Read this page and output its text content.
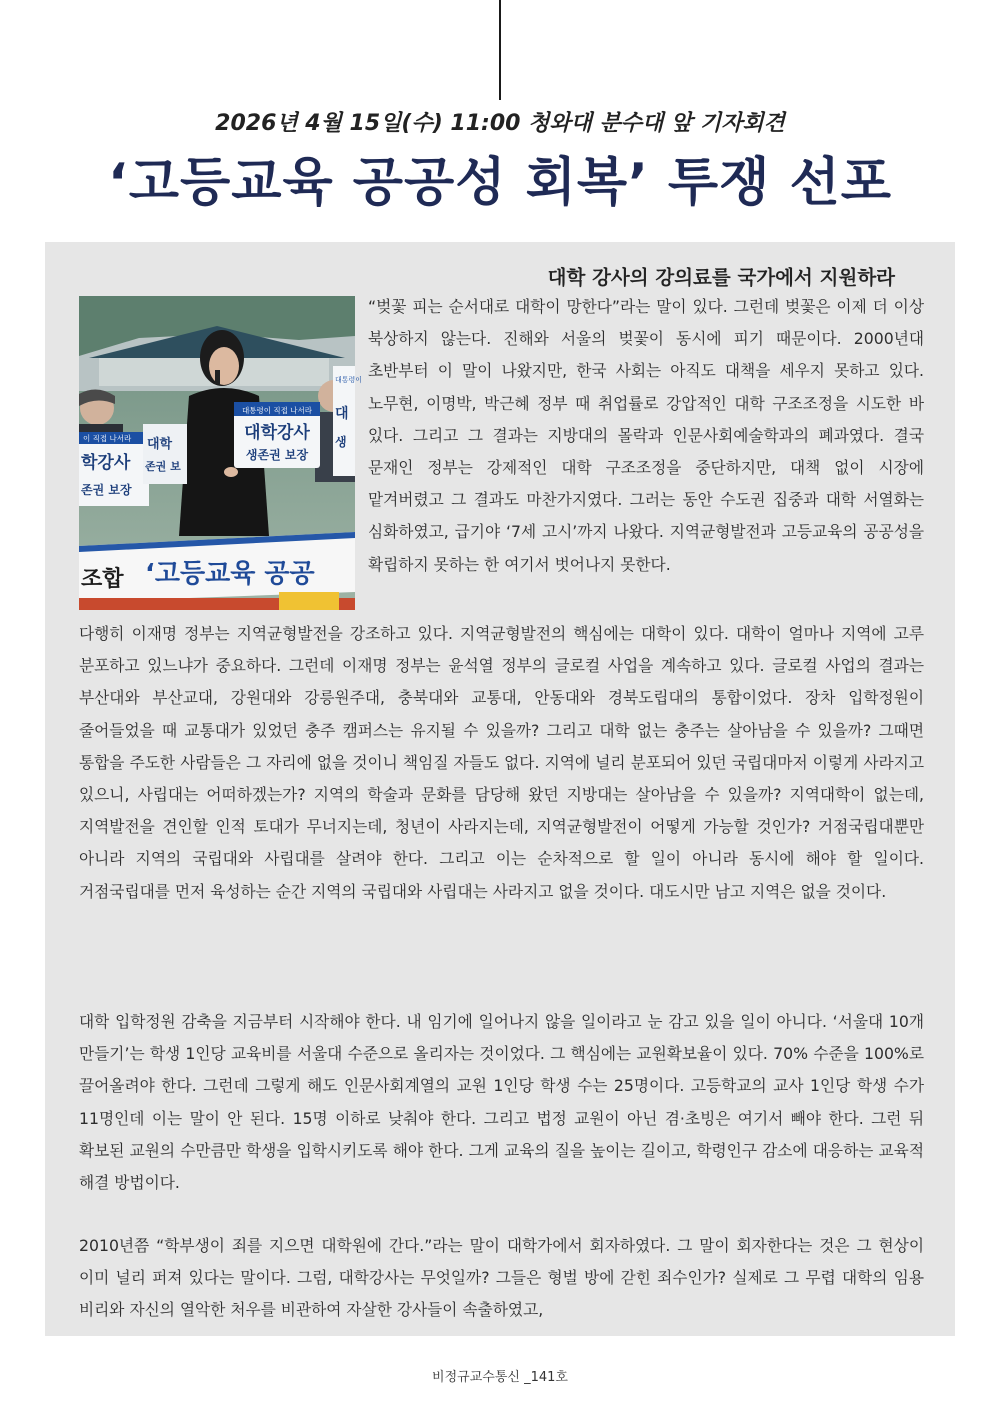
2026년 4월 15일(수) 11:00 청와대 분수대 앞 기자회견
‘고등교육 공공성 회복’ 투쟁 선포
대학 강사의 강의료를 국가에서 지원하라
대통령이 직접 나서라
대학강사
생존권 보장
이 직접 나서라
학강사
존권 보장
대학
존권 보
대통령이
대
생
조합 ‘고등교육 공공

“벚꽃 피는 순서대로 대학이 망한다”라는 말이 있다. 그런데 벚꽃은 이제 더 이상 북상하지 않는다. 진해와 서울의 벚꽃이 동시에 피기 때문이다. 2000년대 초반부터 이 말이 나왔지만, 한국 사회는 아직도 대책을 세우지 못하고 있다. 노무현, 이명박, 박근혜 정부 때 취업률로 강압적인 대학 구조조정을 시도한 바 있다. 그리고 그 결과는 지방대의 몰락과 인문사회예술학과의 폐과였다. 결국 문재인 정부는 강제적인 대학 구조조정을 중단하지만, 대책 없이 시장에 맡겨버렸고 그 결과도 마찬가지였다. 그러는 동안 수도권 집중과 대학 서열화는 심화하였고, 급기야 ‘7세 고시’까지 나왔다. 지역균형발전과 고등교육의 공공성을 확립하지 못하는 한 여기서 벗어나지 못한다.

다행히 이재명 정부는 지역균형발전을 강조하고 있다. 지역균형발전의 핵심에는 대학이 있다. 대학이 얼마나 지역에 고루 분포하고 있느냐가 중요하다. 그런데 이재명 정부는 윤석열 정부의 글로컬 사업을 계속하고 있다. 글로컬 사업의 결과는 부산대와 부산교대, 강원대와 강릉원주대, 충북대와 교통대, 안동대와 경북도립대의 통합이었다. 장차 입학정원이 줄어들었을 때 교통대가 있었던 충주 캠퍼스는 유지될 수 있을까? 그리고 대학 없는 충주는 살아남을 수 있을까? 그때면 통합을 주도한 사람들은 그 자리에 없을 것이니 책임질 자들도 없다. 지역에 널리 분포되어 있던 국립대마저 이렇게 사라지고 있으니, 사립대는 어떠하겠는가? 지역의 학술과 문화를 담당해 왔던 지방대는 살아남을 수 있을까? 지역대학이 없는데, 지역발전을 견인할 인적 토대가 무너지는데, 청년이 사라지는데, 지역균형발전이 어떻게 가능할 것인가? 거점국립대뿐만 아니라 지역의 국립대와 사립대를 살려야 한다. 그리고 이는 순차적으로 할 일이 아니라 동시에 해야 할 일이다. 거점국립대를 먼저 육성하는 순간 지역의 국립대와 사립대는 사라지고 없을 것이다. 대도시만 남고 지역은 없을 것이다.

대학 입학정원 감축을 지금부터 시작해야 한다. 내 임기에 일어나지 않을 일이라고 눈 감고 있을 일이 아니다. ‘서울대 10개 만들기’는 학생 1인당 교육비를 서울대 수준으로 올리자는 것이었다. 그 핵심에는 교원확보율이 있다. 70% 수준을 100%로 끌어올려야 한다. 그런데 그렇게 해도 인문사회계열의 교원 1인당 학생 수는 25명이다. 고등학교의 교사 1인당 학생 수가 11명인데 이는 말이 안 된다. 15명 이하로 낮춰야 한다. 그리고 법정 교원이 아닌 겸·초빙은 여기서 빼야 한다. 그런 뒤 확보된 교원의 수만큼만 학생을 입학시키도록 해야 한다. 그게 교육의 질을 높이는 길이고, 학령인구 감소에 대응하는 교육적 해결 방법이다.

2010년쯤 “학부생이 죄를 지으면 대학원에 간다.”라는 말이 대학가에서 회자하였다. 그 말이 회자한다는 것은 그 현상이 이미 널리 퍼져 있다는 말이다. 그럼, 대학강사는 무엇일까? 그들은 형벌 방에 갇힌 죄수인가? 실제로 그 무렵 대학의 임용 비리와 자신의 열악한 처우를 비관하여 자살한 강사들이 속출하였고,

비정규교수통신 _141호
